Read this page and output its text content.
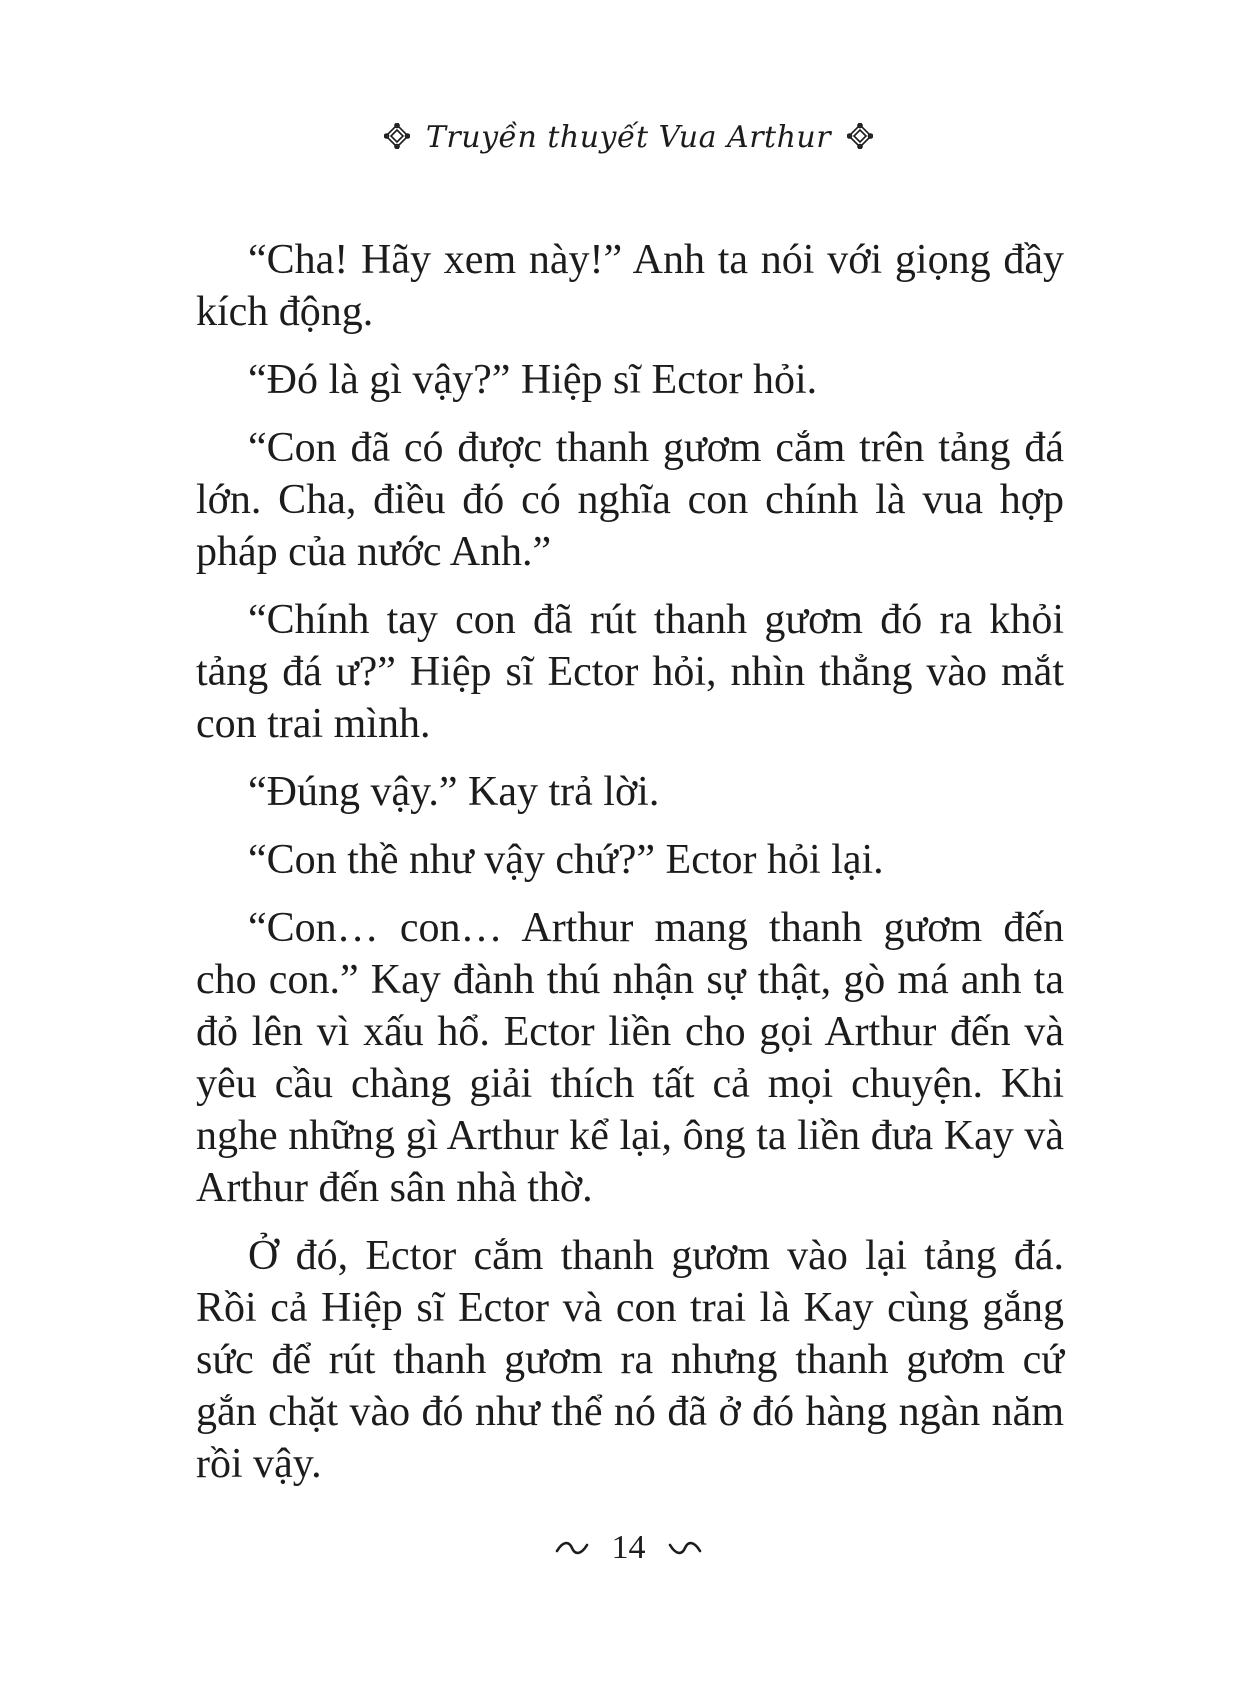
Truyền thuyết Vua Arthur

“Cha! Hãy xem này!” Anh ta nói với giọng đầy kích động.

“Đó là gì vậy?” Hiệp sĩ Ector hỏi.

“Con đã có được thanh gươm cắm trên tảng đá lớn. Cha, điều đó có nghĩa con chính là vua hợp pháp của nước Anh.”

“Chính tay con đã rút thanh gươm đó ra khỏi tảng đá ư?” Hiệp sĩ Ector hỏi, nhìn thẳng vào mắt con trai mình.

“Đúng vậy.” Kay trả lời.

“Con thề như vậy chứ?” Ector hỏi lại.

“Con… con… Arthur mang thanh gươm đến cho con.” Kay đành thú nhận sự thật, gò má anh ta đỏ lên vì xấu hổ. Ector liền cho gọi Arthur đến và yêu cầu chàng giải thích tất cả mọi chuyện. Khi nghe những gì Arthur kể lại, ông ta liền đưa Kay và Arthur đến sân nhà thờ.

Ở đó, Ector cắm thanh gươm vào lại tảng đá. Rồi cả Hiệp sĩ Ector và con trai là Kay cùng gắng sức để rút thanh gươm ra nhưng thanh gươm cứ gắn chặt vào đó như thể nó đã ở đó hàng ngàn năm rồi vậy.

14
